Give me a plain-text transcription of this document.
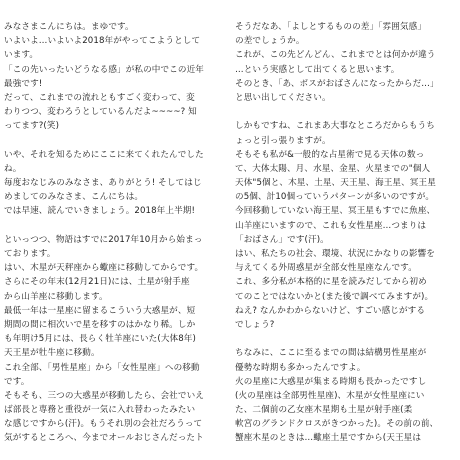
みなさまこんにちは。まゆです。
いよいよ…いよいよ2018年がやってこようとして
います。
「この先いったいどうなる感」が私の中でこの近年
最強です!
だって、これまでの流れともすごく変わって、変
わりつつ、変わろうとしているんだよ~~~~? 知
ってます?(笑)
いや、それを知るためにここに来てくれたんでした
ね。
毎度おなじみのみなさま、ありがとう! そしてはじ
めましてのみなさま、こんにちは。
では早速、読んでいきましょう。2018年上半期!
といっつつ、物語はすでに2017年10月から始まっ
ております。
はい、木星が天秤座から蠍座に移動してからです。
さらにその年末(12月21日)には、土星が射手座
から山羊座に移動します。
最低一年は一星座に留まるこういう大惑星が、短
期間の間に相次いで星を移すのはかなり稀。しか
も年明け5月には、長らく牡羊座にいた(大体8年)
天王星が牡牛座に移動。
これ全部、「男性星座」から「女性星座」への移動
です。
そもそも、三つの大惑星が移動したら、会社でいえ
ば部長と専務と重役が一気に入れ替わったみたい
な感じですから(汗)。もうそれ別の会社だろうって
気がするところへ、今までオールおじさんだったト
そうだなあ、「よしとするものの差」「雰囲気感」
の差でしょうか。
これが、この先どんどん、これまでとは何かが違う
…という実感として出てくると思います。
そのとき、「あ、ボスがおばさんになったからだ…」
と思い出してください。
しかもですね、これまあ大事なところだからもうち
ょっと引っ張りますが。
そもそも私が&一般的な占星術で見る天体の数っ
て、大体太陽、月、水星、金星、火星までの"個人
天体"5個と、木星、土星、天王星、海王星、冥王星
の5個、計10個っていうパターンが多いのですが。
今回移動していない海王星、冥王星もすでに魚座、
山羊座にいますので、これも女性星座…つまりは
「おばさん」です(汗)。
はい、私たちの社会、環境、状況にかなりの影響を
与えてくる外周惑星が全部女性星座なんです。
これ、多分私が本格的に星を読みだしてから初め
てのことではないかと(また後で調べてみますが)。
ねえ? なんかわからないけど、すごい感じがする
でしょう?
ちなみに、ここに至るまでの間は結構男性星座が
優勢な時期も多かったんですよ。
火の星座に大惑星が集まる時期も長かったですし
(火の星座は全部男性星座)、木星が女性星座にい
た、二個前の乙女座木星期も土星が射手座(柔
軟宮のグランドクロスがきつかった)。その前の前、
蟹座木星のときは…蠍座土星ですから(天王星は
